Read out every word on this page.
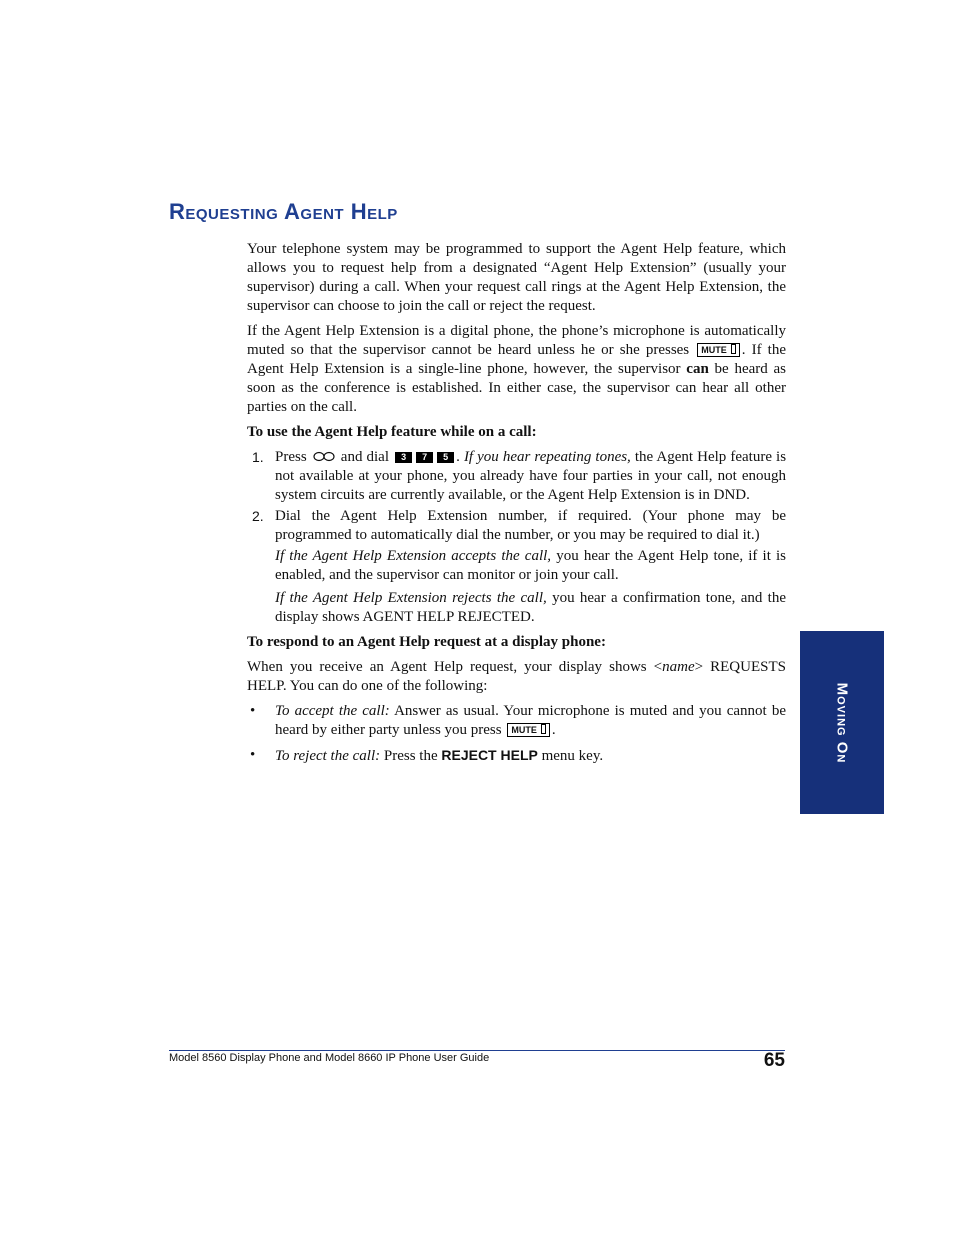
Requesting Agent Help

Your telephone system may be programmed to support the Agent Help feature, which allows you to request help from a designated “Agent Help Extension” (usually your supervisor) during a call. When your request call rings at the Agent Help Extension, the supervisor can choose to join the call or reject the request.

If the Agent Help Extension is a digital phone, the phone’s microphone is automatically muted so that the supervisor cannot be heard unless he or she presses MUTE . If the Agent Help Extension is a single-line phone, however, the supervisor can be heard as soon as the conference is established. In either case, the supervisor can hear all other parties on the call.

To use the Agent Help feature while on a call:

1. Press and dial 3 7 5 . If you hear repeating tones, the Agent Help feature is not available at your phone, you already have four parties in your call, not enough system circuits are currently available, or the Agent Help Extension is in DND.
2. Dial the Agent Help Extension number, if required. (Your phone may be programmed to automatically dial the number, or you may be required to dial it.)

If the Agent Help Extension accepts the call, you hear the Agent Help tone, if it is enabled, and the supervisor can monitor or join your call.

If the Agent Help Extension rejects the call, you hear a confirmation tone, and the display shows AGENT HELP REJECTED.

To respond to an Agent Help request at a display phone:

When you receive an Agent Help request, your display shows <name> REQUESTS HELP. You can do one of the following:

• To accept the call: Answer as usual. Your microphone is muted and you cannot be heard by either party unless you press MUTE .
• To reject the call: Press the REJECT HELP menu key.	Moving On
Model 8560 Display Phone and Model 8660 IP Phone User Guide	65
